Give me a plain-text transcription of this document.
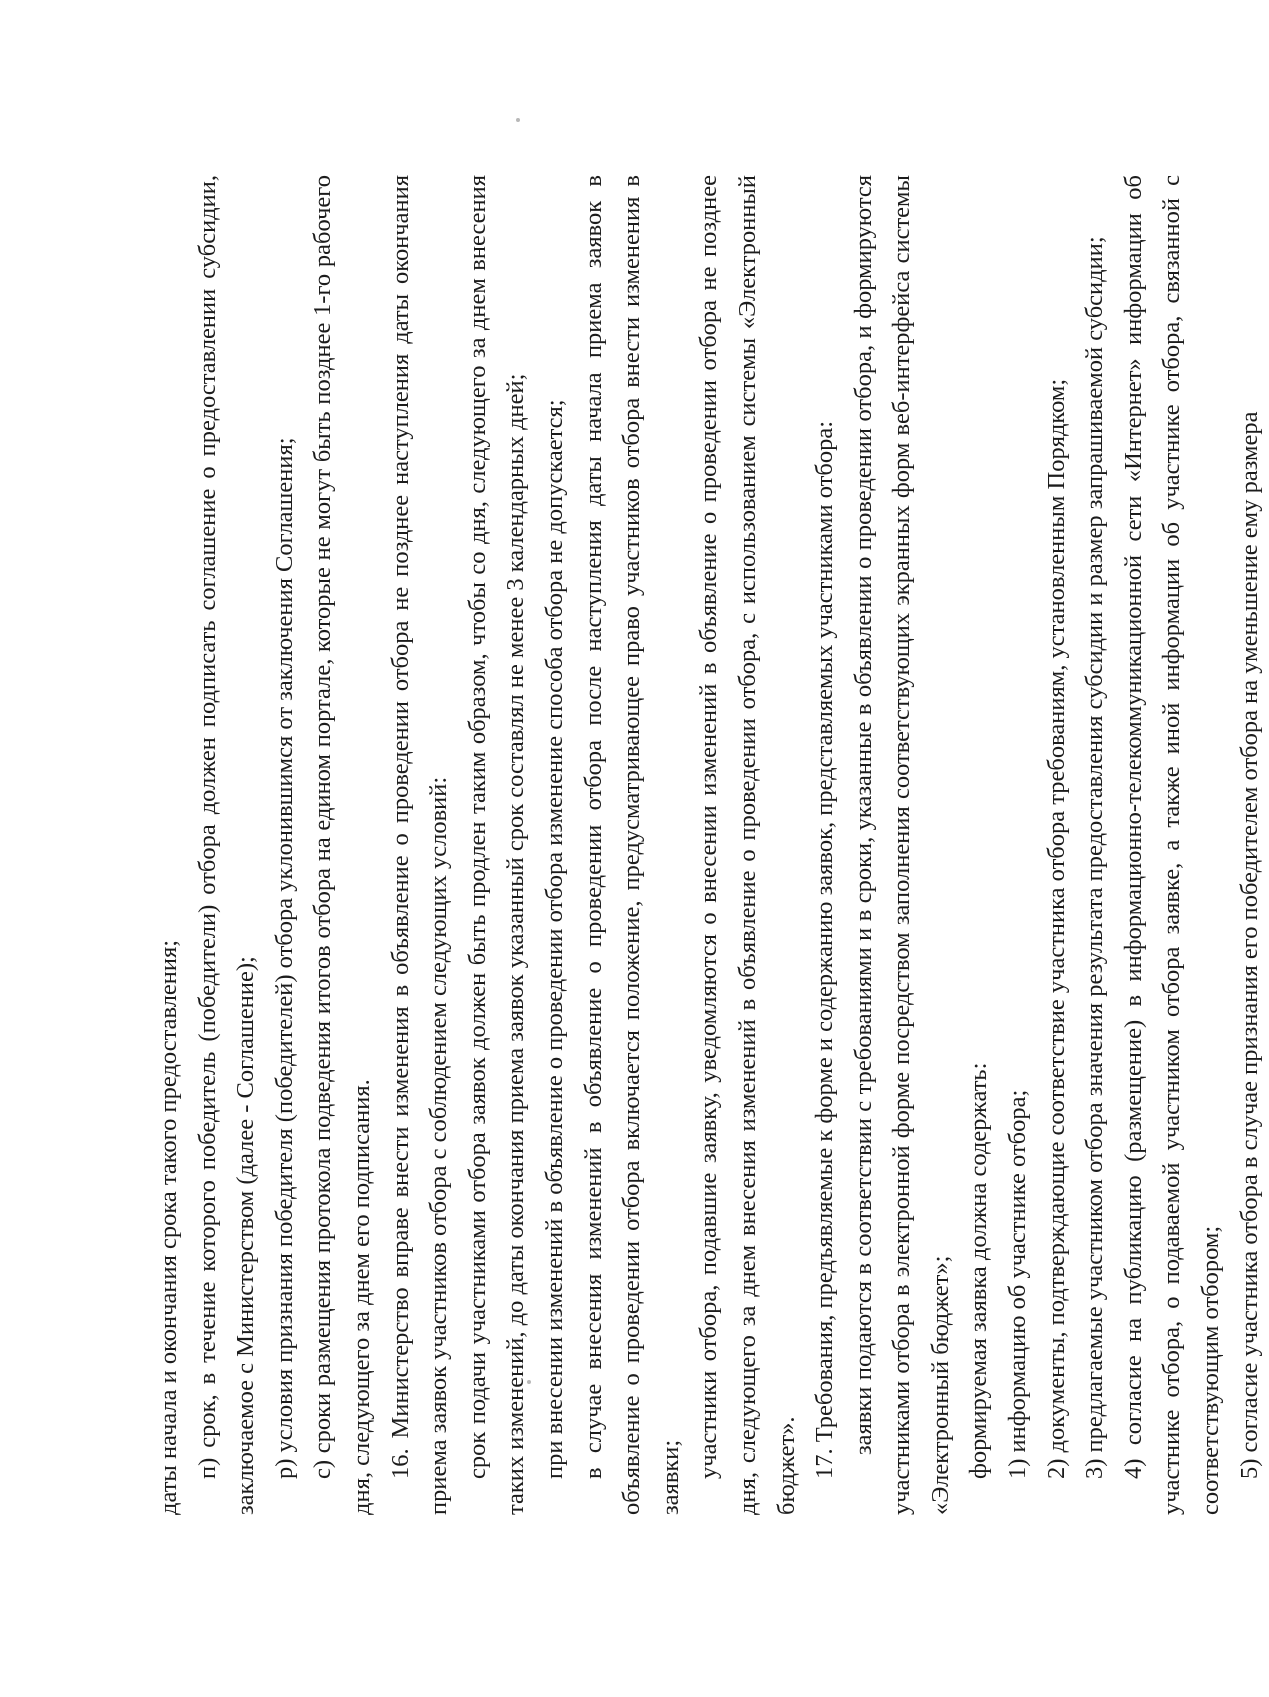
даты начала и окончания срока такого предоставления; п) срок, в течение которого победитель (победители) отбора должен подписать соглашение о предоставлении субсидии, заключаемое с Министерством (далее - Соглашение); р) условия признания победителя (победителей) отбора уклонившимся от заключения Соглашения; с) сроки размещения протокола подведения итогов отбора на едином портале, которые не могут быть позднее 1-го рабочего дня, следующего за днем его подписания. 16. Министерство вправе внести изменения в объявление о проведении отбора не позднее наступления даты окончания приема заявок участников отбора с соблюдением следующих условий: срок подачи участниками отбора заявок должен быть продлен таким образом, чтобы со дня, следующего за днем внесения таких изменений, до даты окончания приема заявок указанный срок составлял не менее 3 календарных дней; при внесении изменений в объявление о проведении отбора изменение способа отбора не допускается; в случае внесения изменений в объявление о проведении отбора после наступления даты начала приема заявок в объявление о проведении отбора включается положение, предусматривающее право участников отбора внести изменения в заявки; участники отбора, подавшие заявку, уведомляются о внесении изменений в объявление о проведении отбора не позднее дня, следующего за днем внесения изменений в объявление о проведении отбора, с использованием системы «Электронный бюджет». 17. Требования, предъявляемые к форме и содержанию заявок, представляемых участниками отбора: заявки подаются в соответствии с требованиями и в сроки, указанные в объявлении о проведении отбора, и формируются участниками отбора в электронной форме посредством заполнения соответствующих экранных форм веб-интерфейса системы «Электронный бюджет»; формируемая заявка должна содержать: 1) информацию об участнике отбора; 2) документы, подтверждающие соответствие участника отбора требованиям, установленным Порядком; 3) предлагаемые участником отбора значения результата предоставления субсидии и размер запрашиваемой субсидии; 4) согласие на публикацию (размещение) в информационно-телекоммуникационной сети «Интернет» информации об участнике отбора, о подаваемой участником отбора заявке, а также иной информации об участнике отбора, связанной с соответствующим отбором; 5) согласие участника отбора в случае признания его победителем отбора на уменьшение ему размера
